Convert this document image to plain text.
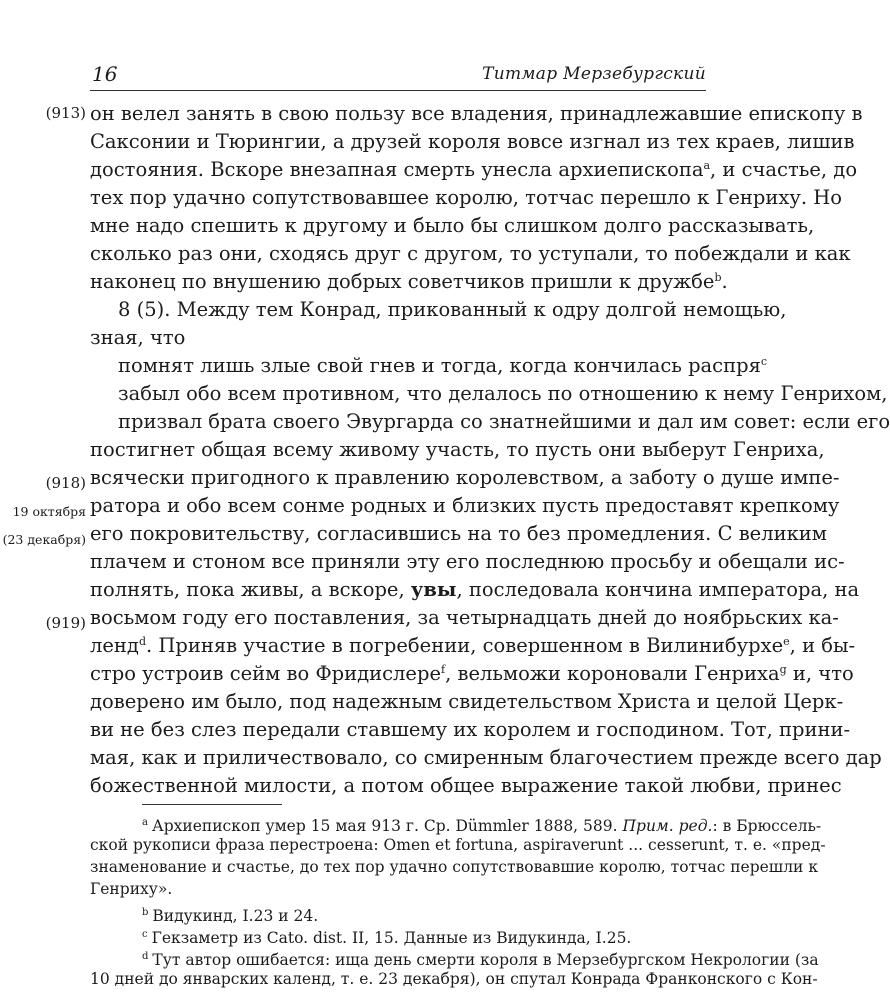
16	Титмар Мерзебургский
(913)
(918)
19 октября
(23 декабря)
(919)
он велел занять в свою пользу все владения, принадлежавшие епископу в
Саксонии и Тюрингии, а друзей короля вовсе изгнал из тех краев, лишив
достояния. Вскоре внезапная смерть унесла архиепископа$^a$, и счастье, до
тех пор удачно сопутствовавшее королю, тотчас перешло к Генриху. Но
мне надо спешить к другому и было бы слишком долго рассказывать,
сколько раз они, сходясь друг с другом, то уступали, то побеждали и как
наконец по внушению добрых советчиков пришли к дружбе$^b$.
8 (5). Между тем Конрад, прикованный к одру долгой немощью,
зная, что
помнят лишь злые свой гнев и тогда, когда кончилась распря$^c$
забыл обо всем противном, что делалось по отношению к нему Генрихом,
призвал брата своего Эвургарда со знатнейшими и дал им совет: если его
постигнет общая всему живому участь, то пусть они выберут Генриха,
всячески пригодного к правлению королевством, а заботу о душе импе-
ратора и обо всем сонме родных и близких пусть предоставят крепкому
его покровительству, согласившись на то без промедления. С великим
плачем и стоном все приняли эту его последнюю просьбу и обещали ис-
полнять, пока живы, а вскоре, увы, последовала кончина императора, на
восьмом году его поставления, за четырнадцать дней до ноябрьских ка-
ленд$^d$. Приняв участие в погребении, совершенном в Вилинибурхе$^e$, и бы-
стро устроив сейм во Фридислере$^f$, вельможи короновали Генриха$^g$ и, что
доверено им было, под надежным свидетельством Христа и целой Церк-
ви не без слез передали ставшему их королем и господином. Тот, прини-
мая, как и приличествовало, со смиренным благочестием прежде всего дар
божественной милости, а потом общее выражение такой любви, принес
$^a$ Архиепископ умер 15 мая 913 г. Ср. Dümmler 1888, 589. Прим. ред.: в Брюссель-
ской рукописи фраза перестроена: Omen et fortuna, aspiraverunt ... cesserunt, т. е. «пред-
знаменование и счастье, до тех пор удачно сопутствовавшие королю, тотчас перешли к
Генриху».
$^b$ Видукинд, I.23 и 24.
$^c$ Гекзаметр из Cato. dist. II, 15. Данные из Видукинда, I.25.
$^d$ Тут автор ошибается: ища день смерти короля в Мерзебургском Некрологии (за
10 дней до январских календ, т. е. 23 декабря), он спутал Конрада Франконского с Кон-
